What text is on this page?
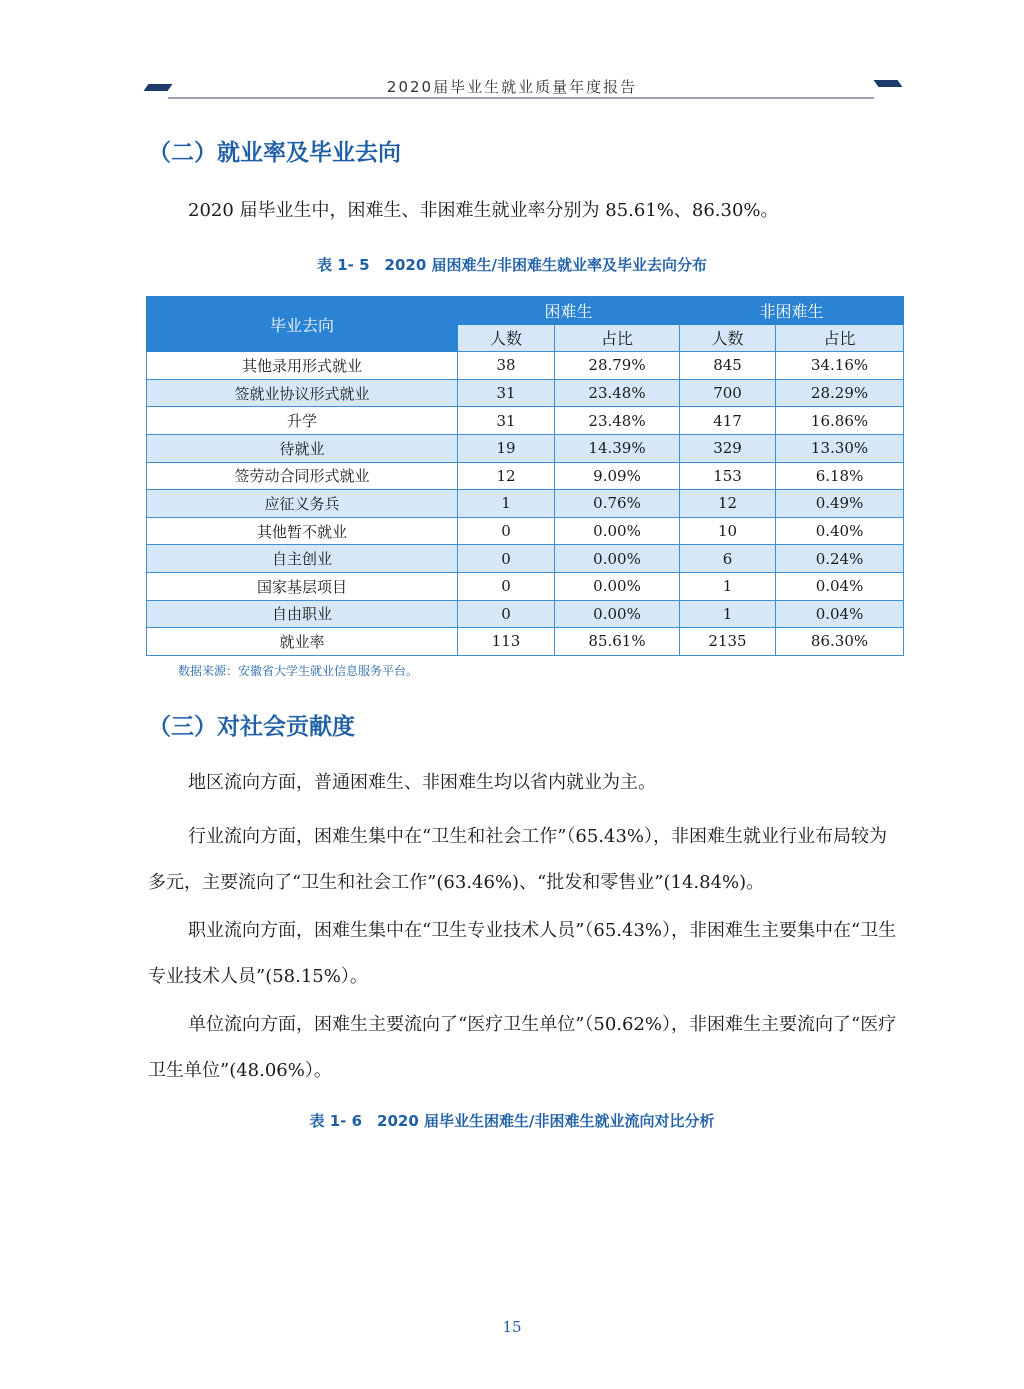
2020届毕业生就业质量年度报告
（二）就业率及毕业去向
2020 届毕业生中，困难生、非困难生就业率分别为 85.61%、86.30%。
表 1- 5　2020 届困难生/非困难生就业率及毕业去向分布
毕业去向	困难生		非困难生	
	人数	占比	人数	占比
其他录用形式就业	38	28.79%	845	34.16%
签就业协议形式就业	31	23.48%	700	28.29%
升学	31	23.48%	417	16.86%
待就业	19	14.39%	329	13.30%
签劳动合同形式就业	12	9.09%	153	6.18%
应征义务兵	1	0.76%	12	0.49%
其他暂不就业	0	0.00%	10	0.40%
自主创业	0	0.00%	6	0.24%
国家基层项目	0	0.00%	1	0.04%
自由职业	0	0.00%	1	0.04%
就业率	113	85.61%	2135	86.30%
数据来源：安徽省大学生就业信息服务平台。
（三）对社会贡献度
地区流向方面，普通困难生、非困难生均以省内就业为主。
行业流向方面，困难生集中在“卫生和社会工作”（65.43%），非困难生就业行业布局较为多元，主要流向了“卫生和社会工作”(63.46%)、“批发和零售业”(14.84%)。
职业流向方面，困难生集中在“卫生专业技术人员”（65.43%），非困难生主要集中在“卫生专业技术人员”(58.15%）。
单位流向方面，困难生主要流向了“医疗卫生单位”（50.62%），非困难生主要流向了“医疗卫生单位”(48.06%）。
表 1- 6　2020 届毕业生困难生/非困难生就业流向对比分析
15
